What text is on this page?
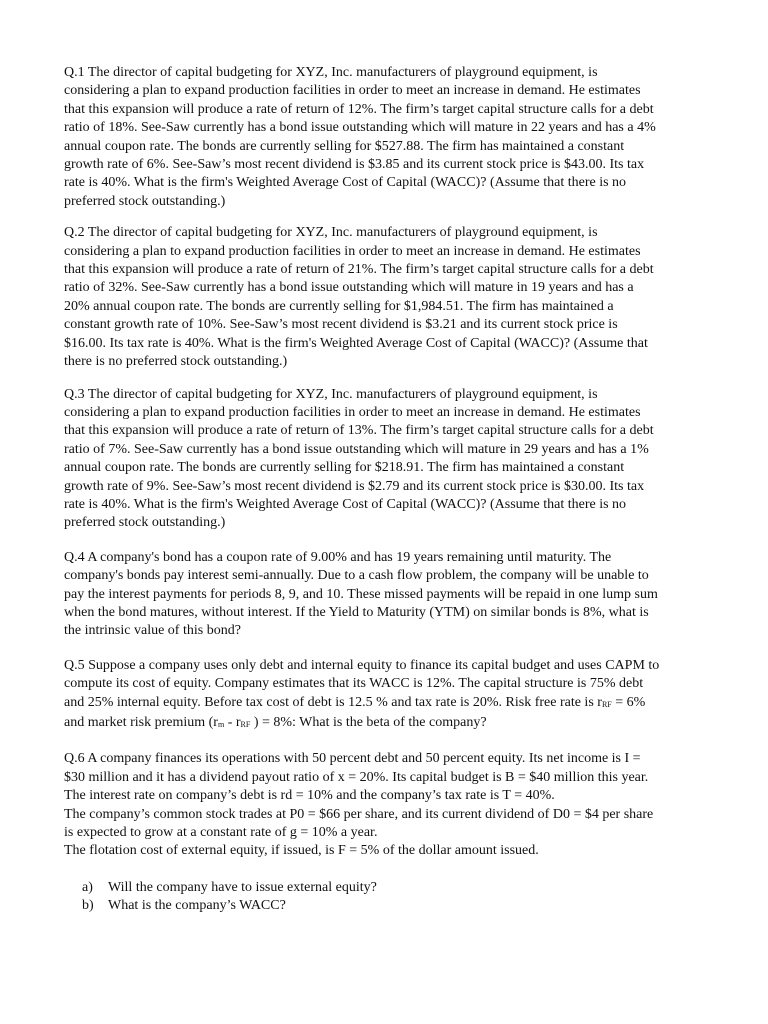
Q.1 The director of capital budgeting for XYZ, Inc. manufacturers of playground equipment, is
considering a plan to expand production facilities in order to meet an increase in demand. He estimates
that this expansion will produce a rate of return of 12%. The firm’s target capital structure calls for a debt
ratio of 18%. See-Saw currently has a bond issue outstanding which will mature in 22 years and has a 4%
annual coupon rate. The bonds are currently selling for $527.88. The firm has maintained a constant
growth rate of 6%. See-Saw’s most recent dividend is $3.85 and its current stock price is $43.00. Its tax
rate is 40%. What is the firm's Weighted Average Cost of Capital (WACC)? (Assume that there is no
preferred stock outstanding.)

Q.2 The director of capital budgeting for XYZ, Inc. manufacturers of playground equipment, is
considering a plan to expand production facilities in order to meet an increase in demand. He estimates
that this expansion will produce a rate of return of 21%. The firm’s target capital structure calls for a debt
ratio of 32%. See-Saw currently has a bond issue outstanding which will mature in 19 years and has a
20% annual coupon rate. The bonds are currently selling for $1,984.51. The firm has maintained a
constant growth rate of 10%. See-Saw’s most recent dividend is $3.21 and its current stock price is
$16.00. Its tax rate is 40%. What is the firm's Weighted Average Cost of Capital (WACC)? (Assume that
there is no preferred stock outstanding.)

Q.3 The director of capital budgeting for XYZ, Inc. manufacturers of playground equipment, is
considering a plan to expand production facilities in order to meet an increase in demand. He estimates
that this expansion will produce a rate of return of 13%. The firm’s target capital structure calls for a debt
ratio of 7%. See-Saw currently has a bond issue outstanding which will mature in 29 years and has a 1%
annual coupon rate. The bonds are currently selling for $218.91. The firm has maintained a constant
growth rate of 9%. See-Saw’s most recent dividend is $2.79 and its current stock price is $30.00. Its tax
rate is 40%. What is the firm's Weighted Average Cost of Capital (WACC)? (Assume that there is no
preferred stock outstanding.)

Q.4 A company's bond has a coupon rate of 9.00% and has 19 years remaining until maturity. The
company's bonds pay interest semi-annually. Due to a cash flow problem, the company will be unable to
pay the interest payments for periods 8, 9, and 10. These missed payments will be repaid in one lump sum
when the bond matures, without interest. If the Yield to Maturity (YTM) on similar bonds is 8%, what is
the intrinsic value of this bond?

Q.5 Suppose a company uses only debt and internal equity to finance its capital budget and uses CAPM to
compute its cost of equity. Company estimates that its WACC is 12%. The capital structure is 75% debt
and 25% internal equity. Before tax cost of debt is 12.5 % and tax rate is 20%. Risk free rate is $r_{RF} = 6\%$
and market risk premium ($r_m - r_{RF}$ ) = 8%: What is the beta of the company?

Q.6 A company finances its operations with 50 percent debt and 50 percent equity. Its net income is I =
$30 million and it has a dividend payout ratio of x = 20%. Its capital budget is B = $40 million this year.
The interest rate on company’s debt is rd = 10% and the company’s tax rate is T = 40%.
The company’s common stock trades at P0 = $66 per share, and its current dividend of D0 = $4 per share
is expected to grow at a constant rate of g = 10% a year.
The flotation cost of external equity, if issued, is F = 5% of the dollar amount issued.

a)	Will the company have to issue external equity?
b)	What is the company’s WACC?
